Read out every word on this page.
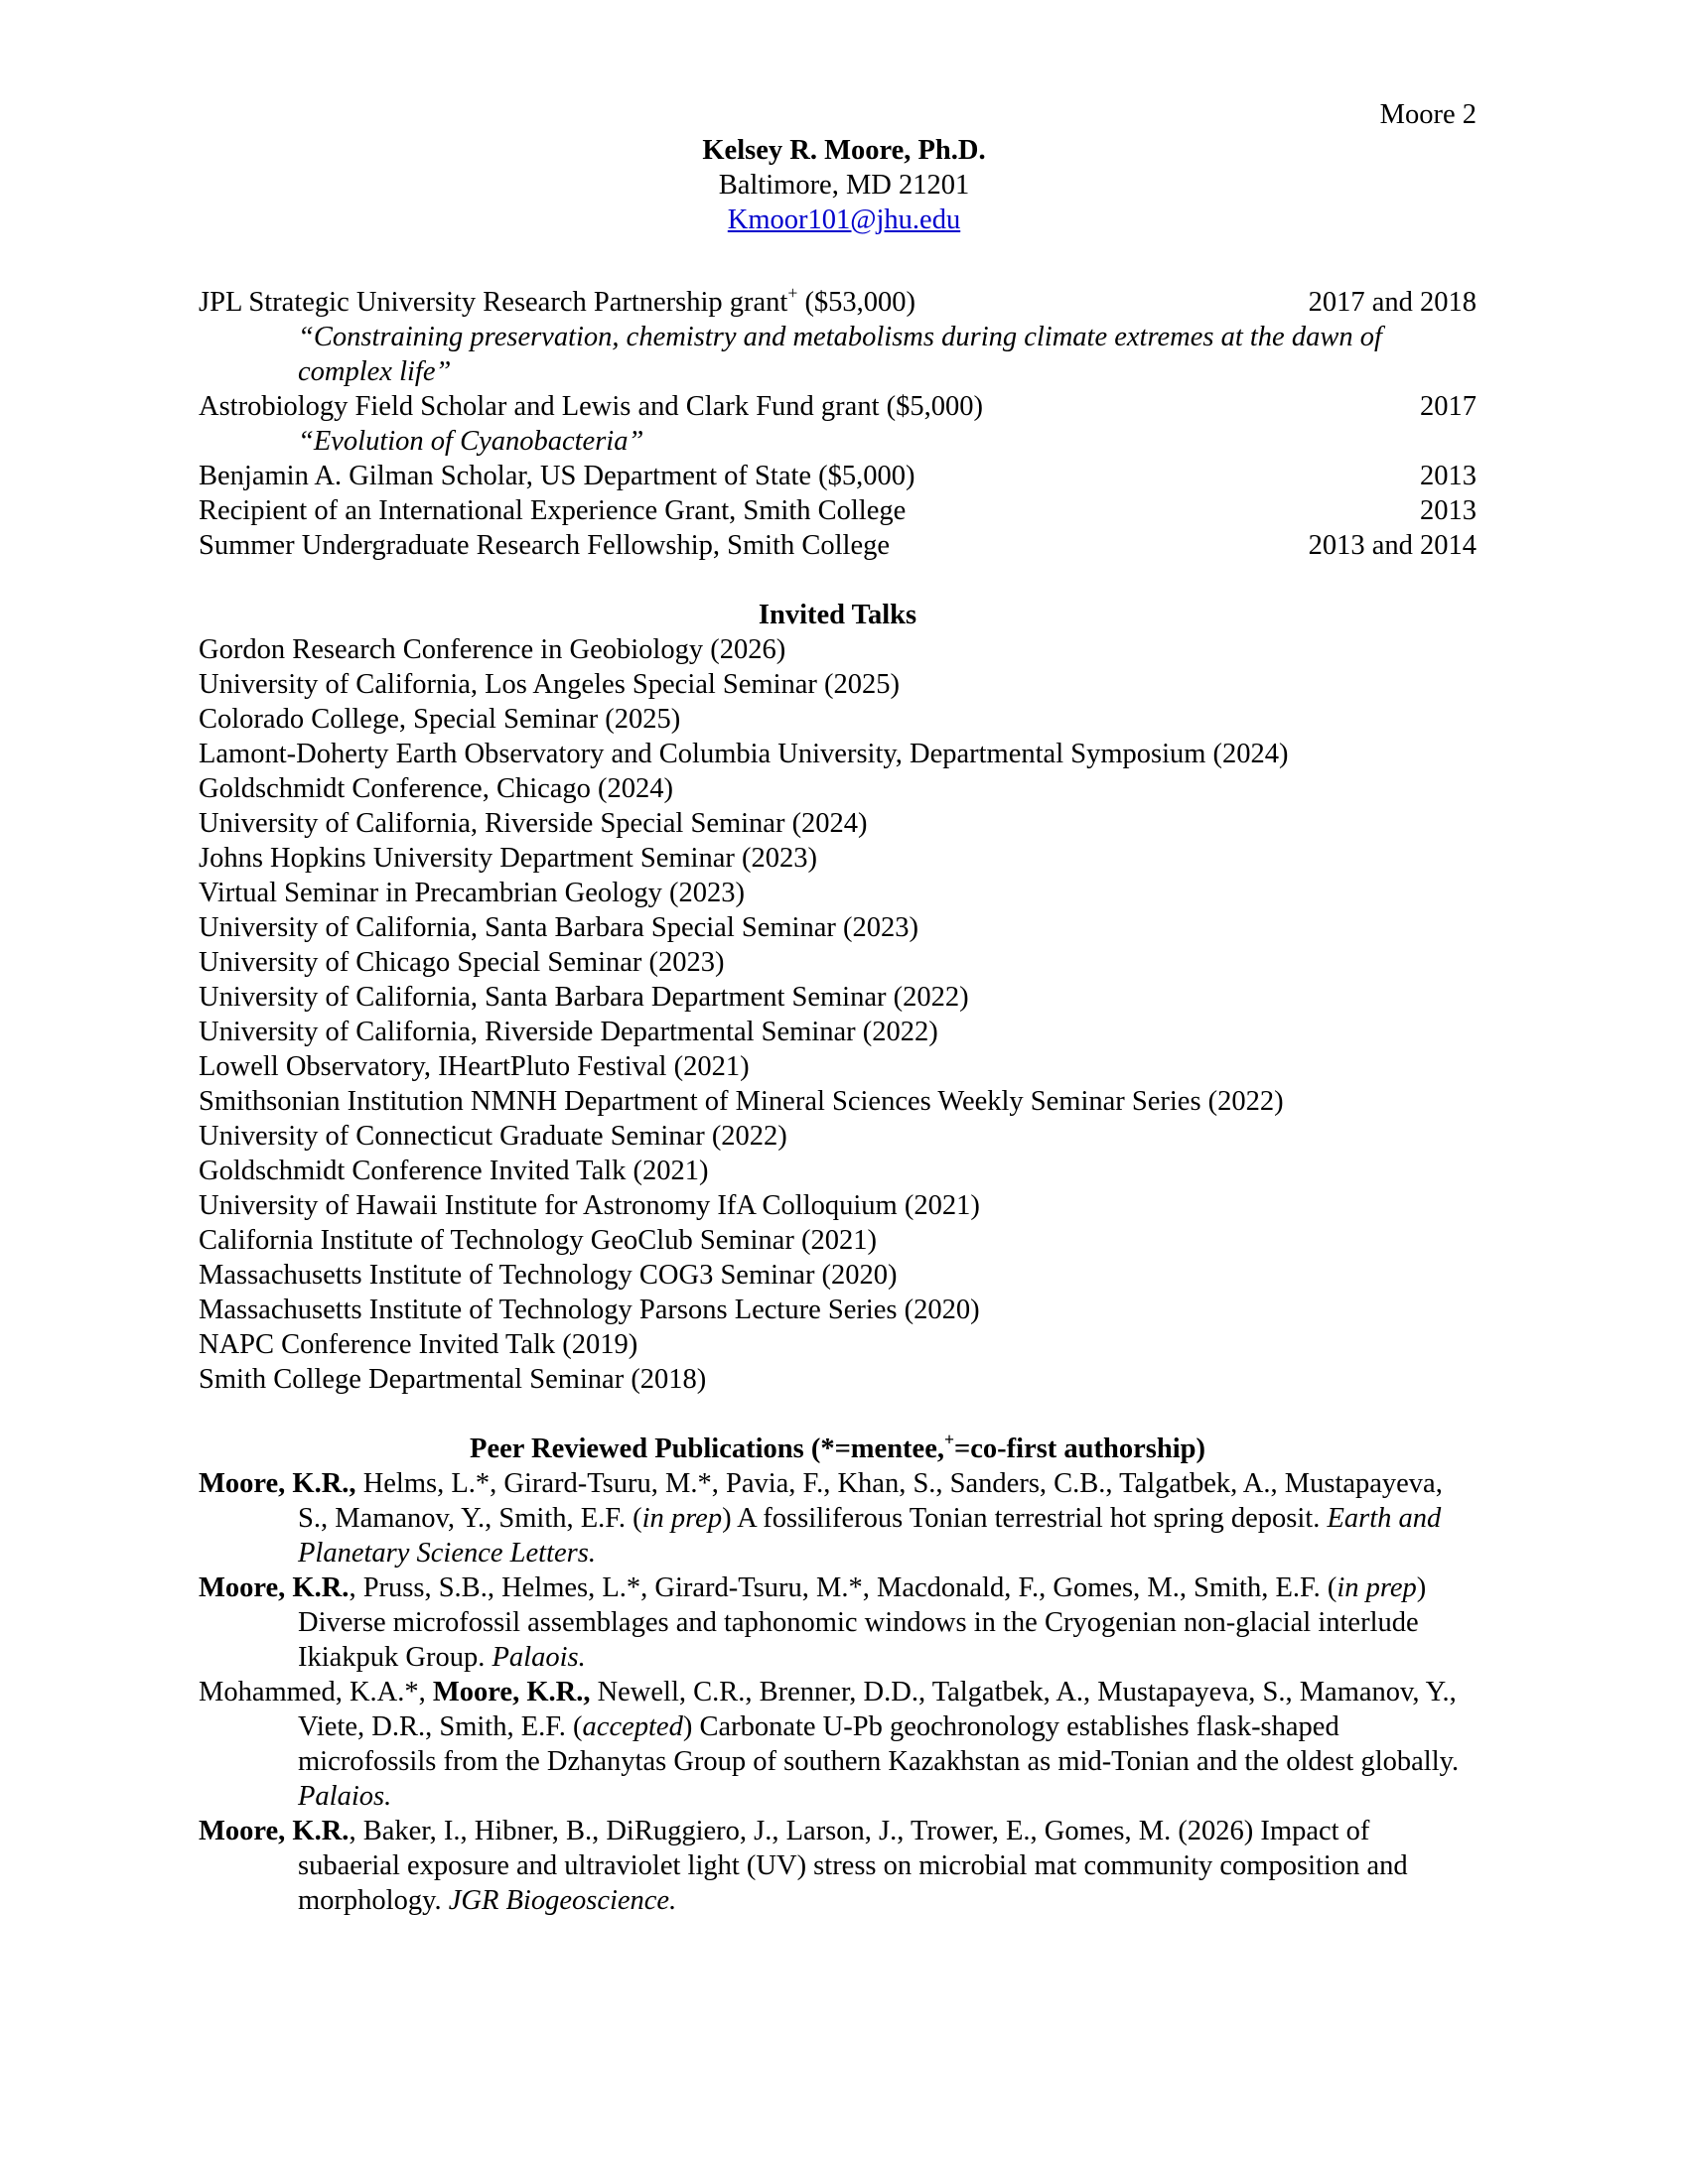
Moore 2
Kelsey R. Moore, Ph.D.
Baltimore, MD 21201
Kmoor101@jhu.edu
JPL Strategic University Research Partnership grant+ ($53,000)	2017 and 2018
“Constraining preservation, chemistry and metabolisms during climate extremes at the dawn of complex life”
Astrobiology Field Scholar and Lewis and Clark Fund grant ($5,000)	2017
“Evolution of Cyanobacteria”
Benjamin A. Gilman Scholar, US Department of State ($5,000)	2013
Recipient of an International Experience Grant, Smith College	2013
Summer Undergraduate Research Fellowship, Smith College	2013 and 2014
Invited Talks
Gordon Research Conference in Geobiology (2026)
University of California, Los Angeles Special Seminar (2025)
Colorado College, Special Seminar (2025)
Lamont-Doherty Earth Observatory and Columbia University, Departmental Symposium (2024)
Goldschmidt Conference, Chicago (2024)
University of California, Riverside Special Seminar (2024)
Johns Hopkins University Department Seminar (2023)
Virtual Seminar in Precambrian Geology (2023)
University of California, Santa Barbara Special Seminar (2023)
University of Chicago Special Seminar (2023)
University of California, Santa Barbara Department Seminar (2022)
University of California, Riverside Departmental Seminar (2022)
Lowell Observatory, IHeartPluto Festival (2021)
Smithsonian Institution NMNH Department of Mineral Sciences Weekly Seminar Series (2022)
University of Connecticut Graduate Seminar (2022)
Goldschmidt Conference Invited Talk (2021)
University of Hawaii Institute for Astronomy IfA Colloquium (2021)
California Institute of Technology GeoClub Seminar (2021)
Massachusetts Institute of Technology COG3 Seminar (2020)
Massachusetts Institute of Technology Parsons Lecture Series (2020)
NAPC Conference Invited Talk (2019)
Smith College Departmental Seminar (2018)
Peer Reviewed Publications (*=mentee,+=co-first authorship)
Moore, K.R., Helms, L.*, Girard-Tsuru, M.*, Pavia, F., Khan, S., Sanders, C.B., Talgatbek, A., Mustapayeva, S., Mamanov, Y., Smith, E.F. (in prep) A fossiliferous Tonian terrestrial hot spring deposit. Earth and Planetary Science Letters.
Moore, K.R., Pruss, S.B., Helmes, L.*, Girard-Tsuru, M.*, Macdonald, F., Gomes, M., Smith, E.F. (in prep) Diverse microfossil assemblages and taphonomic windows in the Cryogenian non-glacial interlude Ikiakpuk Group. Palaois.
Mohammed, K.A.*, Moore, K.R., Newell, C.R., Brenner, D.D., Talgatbek, A., Mustapayeva, S., Mamanov, Y., Viete, D.R., Smith, E.F. (accepted) Carbonate U-Pb geochronology establishes flask-shaped microfossils from the Dzhanytas Group of southern Kazakhstan as mid-Tonian and the oldest globally. Palaios.
Moore, K.R., Baker, I., Hibner, B., DiRuggiero, J., Larson, J., Trower, E., Gomes, M. (2026) Impact of subaerial exposure and ultraviolet light (UV) stress on microbial mat community composition and morphology. JGR Biogeoscience.
